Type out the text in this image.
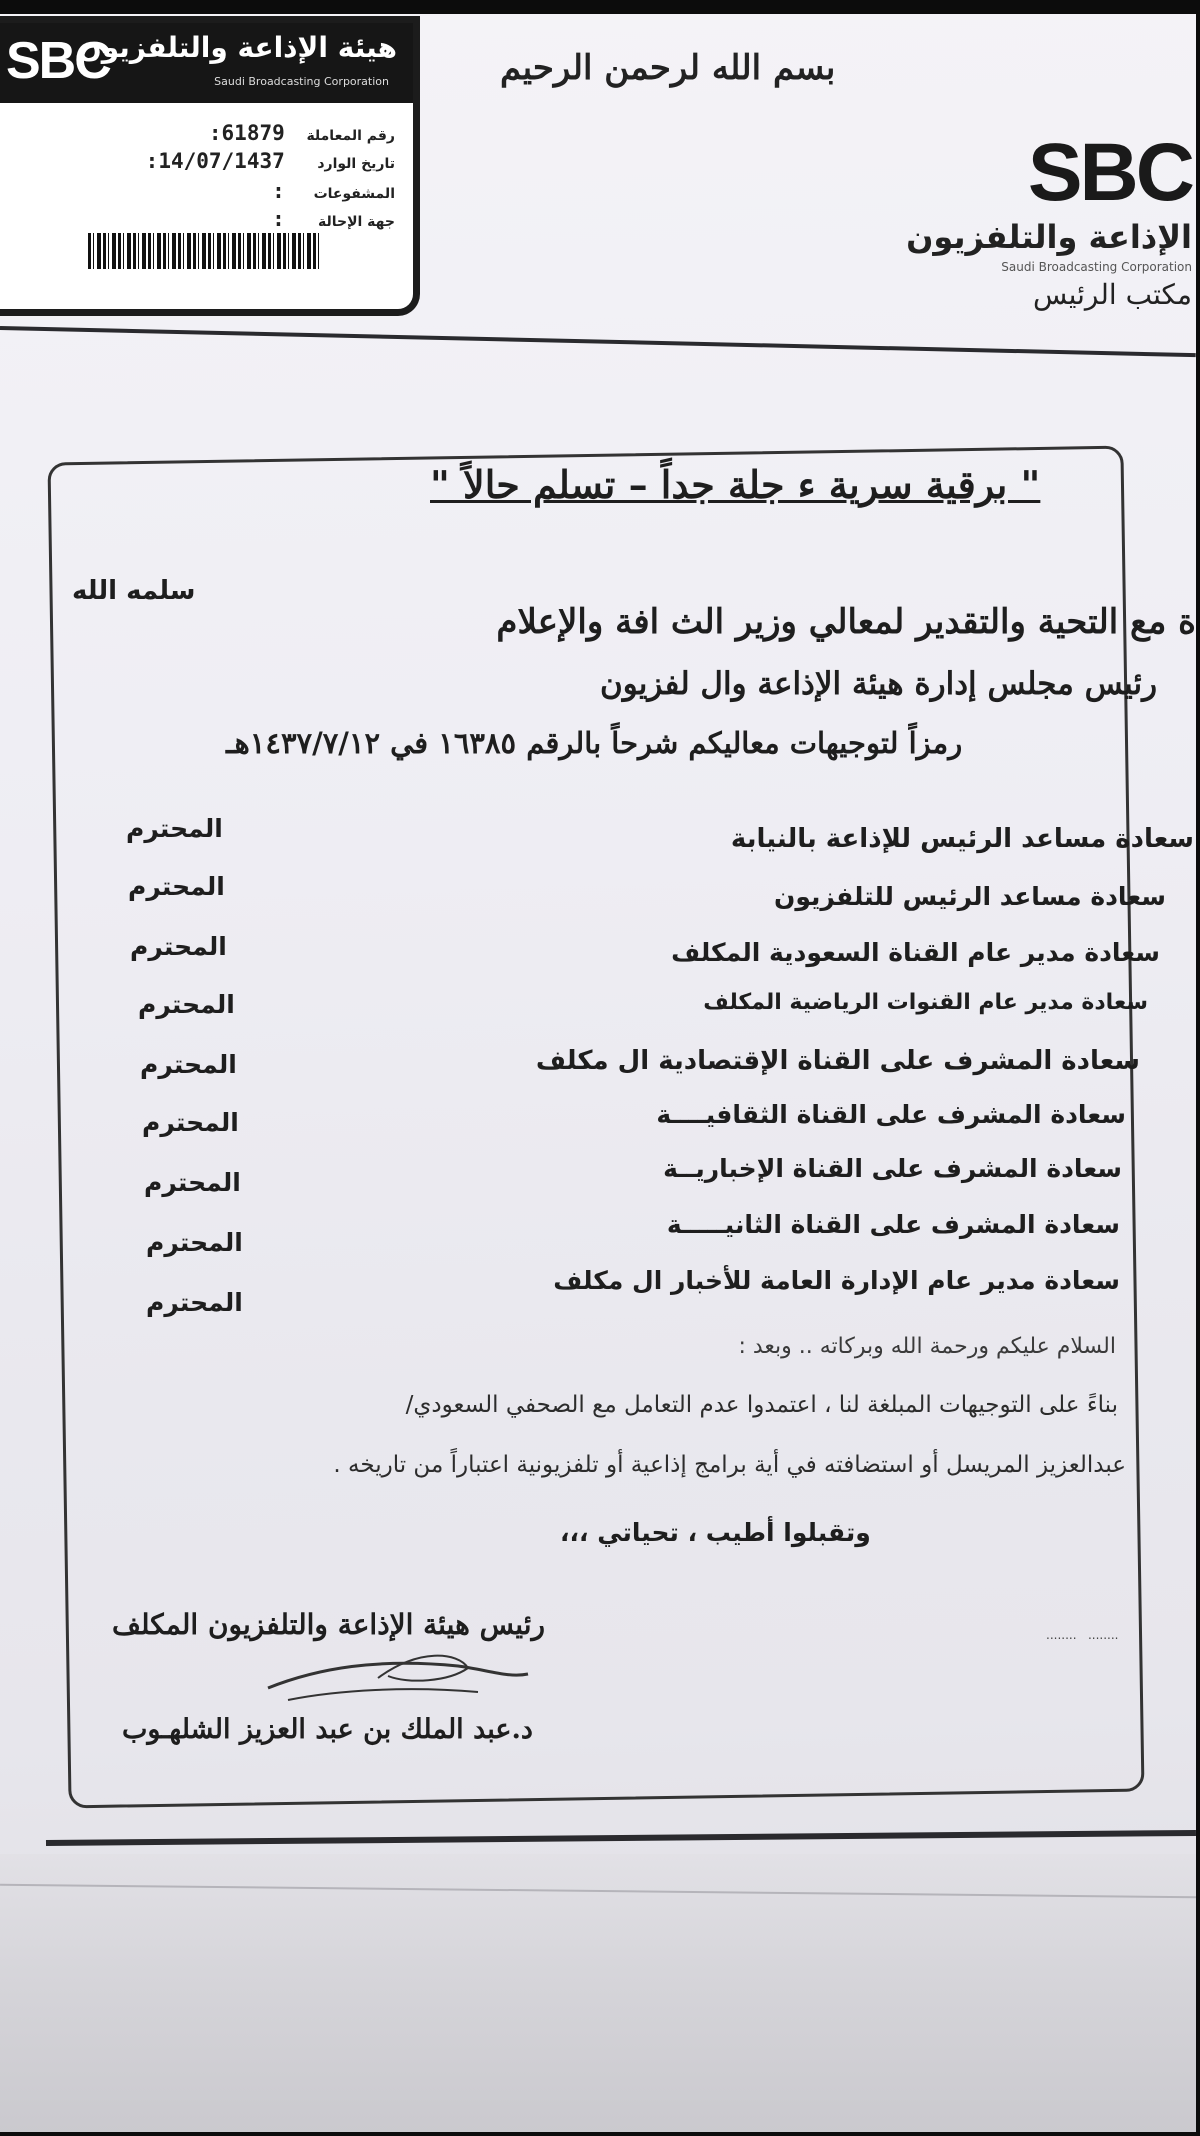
SBC
هيئة الإذاعة والتلفزيون
Saudi Broadcasting Corporation
رقم المعاملة 61879:
تاريخ الوارد 14/07/1437:
المشفوعات :
جهة الإحالة :
بسم الله لرحمن الرحيم
SBC
الإذاعة والتلفزيون
Saudi Broadcasting Corporation
مكتب الرئيس
" برقية سرية ء جلة جداً – تسلم حالاً "
سلمه الله
ة مع التحية والتقدير لمعالي وزير الث افة والإعلام
رئيس مجلس إدارة هيئة الإذاعة وال لفزيون
رمزاً لتوجيهات معاليكم شرحاً بالرقم ١٦٣٨٥ في ١٤٣٧/٧/١٢هـ
سعادة مساعد الرئيس للإذاعة بالنيابة
سعادة مساعد الرئيس للتلفزيون
سعادة مدير عام القناة السعودية المكلف
سعادة مدير عام القنوات الرياضية المكلف
سعادة المشرف على القناة الإقتصادية ال مكلف
سعادة المشرف على القناة الثقافيــــة
سعادة المشرف على القناة الإخباريــة
سعادة المشرف على القناة الثانيـــــة
سعادة مدير عام الإدارة العامة للأخبار ال مكلف
المحترم
المحترم
المحترم
المحترم
المحترم
المحترم
المحترم
المحترم
المحترم
السلام عليكم ورحمة الله وبركاته .. وبعد :
بناءً على التوجيهات المبلغة لنا ، اعتمدوا عدم التعامل مع الصحفي السعودي/
عبدالعزيز المريسل أو استضافته في أية برامج إذاعية أو تلفزيونية اعتباراً من تاريخه .
وتقبلوا أطيب ، تحياتي ،،،
رئيس هيئة الإذاعة والتلفزيون المكلف
د.عبد الملك بن عبد العزيز الشلهـوب
........   ........
